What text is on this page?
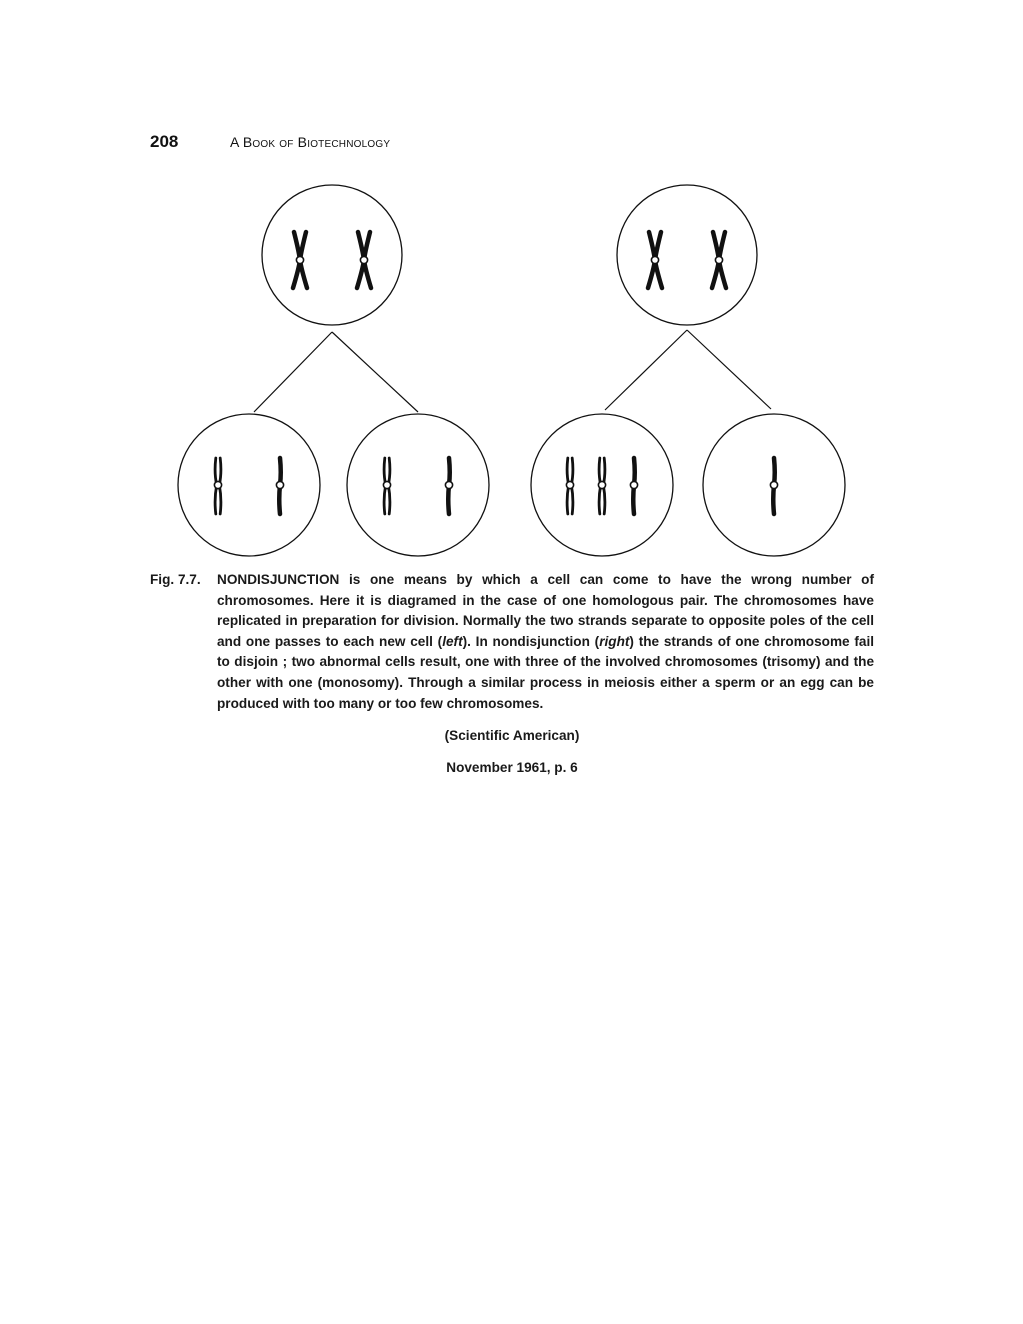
208	A Book of Biotechnology
Fig. 7.7.	NONDISJUNCTION is one means by which a cell can come to have the wrong number of chromosomes. Here it is diagramed in the case of one homologous pair. The chromosomes have replicated in preparation for division. Normally the two strands separate to opposite poles of the cell and one passes to each new cell (left). In nondisjunction (right) the strands of one chromosome fail to disjoin ; two abnormal cells result, one with three of the involved chromosomes (trisomy) and the other with one (monosomy). Through a similar process in meiosis either a sperm or an egg can be produced with too many or too few chromosomes.
(Scientific American)
November 1961, p. 6
